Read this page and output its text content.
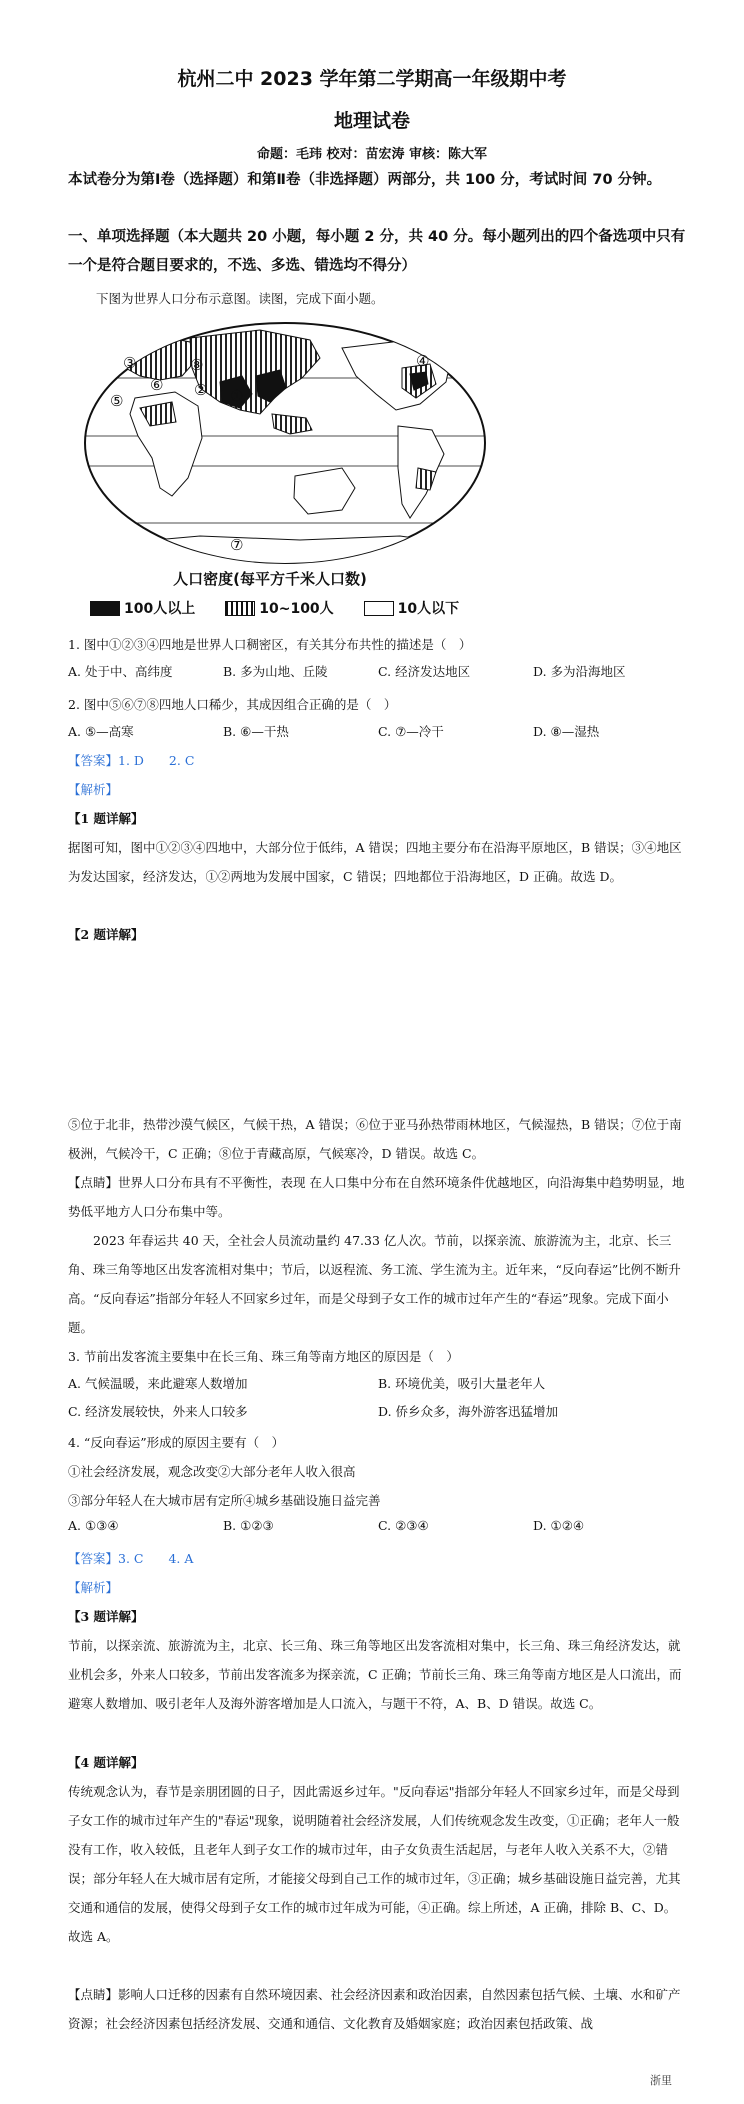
杭州二中 2023 学年第二学期高一年级期中考
地理试卷
命题：毛玮 校对：苗宏涛 审核：陈大军
本试卷分为第Ⅰ卷（选择题）和第Ⅱ卷（非选择题）两部分，共 100 分，考试时间 70 分钟。
一、单项选择题（本大题共 20 小题，每小题 2 分，共 40 分。每小题列出的四个备选项中只有一个是符合题目要求的，不选、多选、错选均不得分）
下图为世界人口分布示意图。读图，完成下面小题。
①
②
③	④
⑤
⑥
⑦
⑧
人口密度(每平方千米人口数)
100人以上	10~100人	10人以下
1. 图中①②③④四地是世界人口稠密区，有关其分布共性的描述是（　）
A. 处于中、高纬度	B. 多为山地、丘陵	C. 经济发达地区	D. 多为沿海地区
2. 图中⑤⑥⑦⑧四地人口稀少，其成因组合正确的是（　）
A. ⑤—高寒	B. ⑥—干热	C. ⑦—冷干	D. ⑧—湿热
【答案】1. D　　2. C
【解析】
【1 题详解】
据图可知，图中①②③④四地中，大部分位于低纬，A 错误；四地主要分布在沿海平原地区，B 错误；③④地区为发达国家，经济发达，①②两地为发展中国家，C 错误；四地都位于沿海地区，D 正确。故选 D。
【2 题详解】
⑤位于北非，热带沙漠气候区，气候干热，A 错误；⑥位于亚马孙热带雨林地区，气候湿热，B 错误；⑦位于南极洲，气候冷干，C 正确；⑧位于青藏高原，气候寒冷，D 错误。故选 C。
【点睛】世界人口分布具有不平衡性，表现 在人口集中分布在自然环境条件优越地区，向沿海集中趋势明显，地势低平地方人口分布集中等。
2023 年春运共 40 天，全社会人员流动量约 47.33 亿人次。节前，以探亲流、旅游流为主，北京、长三角、珠三角等地区出发客流相对集中；节后，以返程流、务工流、学生流为主。近年来，“反向春运”比例不断升高。“反向春运”指部分年轻人不回家乡过年，而是父母到子女工作的城市过年产生的“春运”现象。完成下面小题。
3. 节前出发客流主要集中在长三角、珠三角等南方地区的原因是（　）
A. 气候温暖，来此避寒人数增加	B. 环境优美，吸引大量老年人
C. 经济发展较快，外来人口较多	D. 侨乡众多，海外游客迅猛增加
4. “反向春运”形成的原因主要有（　）
①社会经济发展，观念改变②大部分老年人收入很高
③部分年轻人在大城市居有定所④城乡基础设施日益完善
A. ①③④	B. ①②③	C. ②③④	D. ①②④
【答案】3. C　　4. A
【解析】
【3 题详解】
节前，以探亲流、旅游流为主，北京、长三角、珠三角等地区出发客流相对集中，长三角、珠三角经济发达，就业机会多，外来人口较多，节前出发客流多为探亲流，C 正确；节前长三角、珠三角等南方地区是人口流出，而避寒人数增加、吸引老年人及海外游客增加是人口流入，与题干不符，A、B、D 错误。故选 C。
【4 题详解】
传统观念认为，春节是亲朋团圆的日子，因此需返乡过年。"反向春运"指部分年轻人不回家乡过年，而是父母到子女工作的城市过年产生的"春运"现象，说明随着社会经济发展，人们传统观念发生改变，①正确；老年人一般没有工作，收入较低，且老年人到子女工作的城市过年，由子女负责生活起居，与老年人收入关系不大，②错误；部分年轻人在大城市居有定所，才能接父母到自己工作的城市过年，③正确；城乡基础设施日益完善，尤其交通和通信的发展，使得父母到子女工作的城市过年成为可能，④正确。综上所述，A 正确，排除 B、C、D。故选 A。
【点睛】影响人口迁移的因素有自然环境因素、社会经济因素和政治因素，自然因素包括气候、土壤、水和矿产资源；社会经济因素包括经济发展、交通和通信、文化教育及婚姻家庭；政治因素包括政策、战
浙里
